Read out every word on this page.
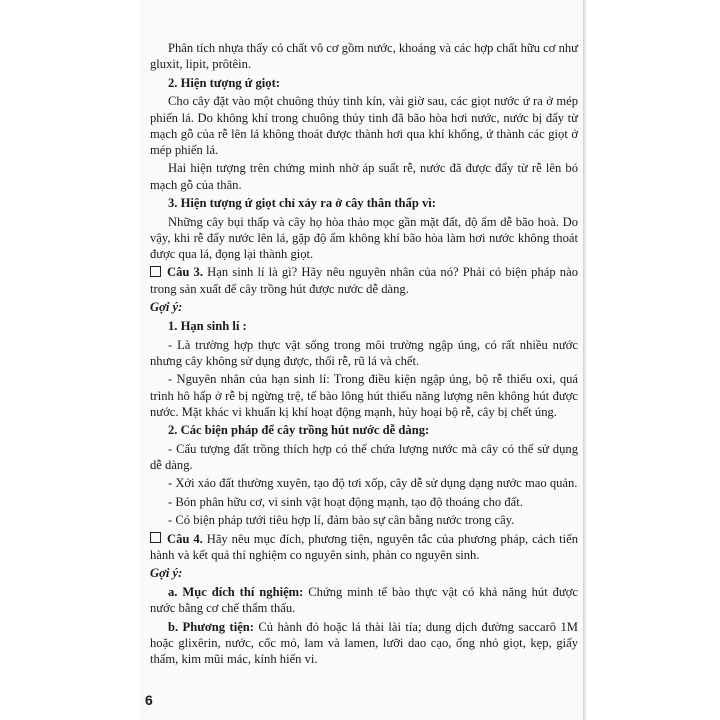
Phân tích nhựa thấy có chất vô cơ gồm nước, khoáng và các hợp chất hữu cơ như gluxit, lipit, prôtêin.

2. Hiện tượng ứ giọt:

Cho cây đặt vào một chuông thủy tinh kín, vài giờ sau, các giọt nước ứ ra ở mép phiến lá. Do không khí trong chuông thủy tinh đã bão hòa hơi nước, nước bị đẩy từ mạch gỗ của rễ lên lá không thoát được thành hơi qua khí khổng, ứ thành các giọt ở mép phiến lá.

Hai hiện tượng trên chứng minh nhờ áp suất rễ, nước đã được đẩy từ rễ lên bó mạch gỗ của thân.

3. Hiện tượng ứ giọt chỉ xảy ra ở cây thân thấp vì:

Những cây bụi thấp và cây họ hòa thảo mọc gần mặt đất, độ ẩm dễ bão hoà. Do vậy, khi rễ đẩy nước lên lá, gặp độ ẩm không khí bão hòa làm hơi nước không thoát được qua lá, đọng lại thành giọt.

Câu 3. Hạn sinh lí là gì? Hãy nêu nguyên nhân của nó? Phải có biện pháp nào trong sản xuất để cây trồng hút được nước dễ dàng.

Gợi ý:
1. Hạn sinh lí :

- Là trường hợp thực vật sống trong môi trường ngập úng, có rất nhiều nước nhưng cây không sử dụng được, thối rễ, rũ lá và chết.

- Nguyên nhân của hạn sinh lí: Trong điều kiện ngập úng, bộ rễ thiếu oxi, quá trình hô hấp ở rễ bị ngừng trệ, tế bào lông hút thiếu năng lượng nên không hút được nước. Mặt khác vi khuẩn kị khí hoạt động mạnh, hủy hoại bộ rễ, cây bị chết úng.

2. Các biện pháp để cây trồng hút nước dễ dàng:

- Cấu tượng đất trồng thích hợp có thể chứa lượng nước mà cây có thể sử dụng dễ dàng.

- Xới xáo đất thường xuyên, tạo độ tơi xốp, cây dễ sử dụng dạng nước mao quản.

- Bón phân hữu cơ, vi sinh vật hoạt động mạnh, tạo độ thoáng cho đất.

- Có biện pháp tưới tiêu hợp lí, đảm bảo sự cân bằng nước trong cây.

Câu 4. Hãy nêu mục đích, phương tiện, nguyên tắc của phương pháp, cách tiến hành và kết quả thí nghiệm co nguyên sinh, phản co nguyên sinh.

Gợi ý:

a. Mục đích thí nghiệm: Chứng minh tế bào thực vật có khả năng hút được nước bằng cơ chế thẩm thấu.

b. Phương tiện: Củ hành đỏ hoặc lá thài lài tía; dung dịch đường saccarô 1M hoặc glixêrin, nước, cốc mỏ, lam và lamen, lưỡi dao cạo, ống nhỏ giọt, kẹp, giấy thấm, kim mũi mác, kính hiển vi.

6
